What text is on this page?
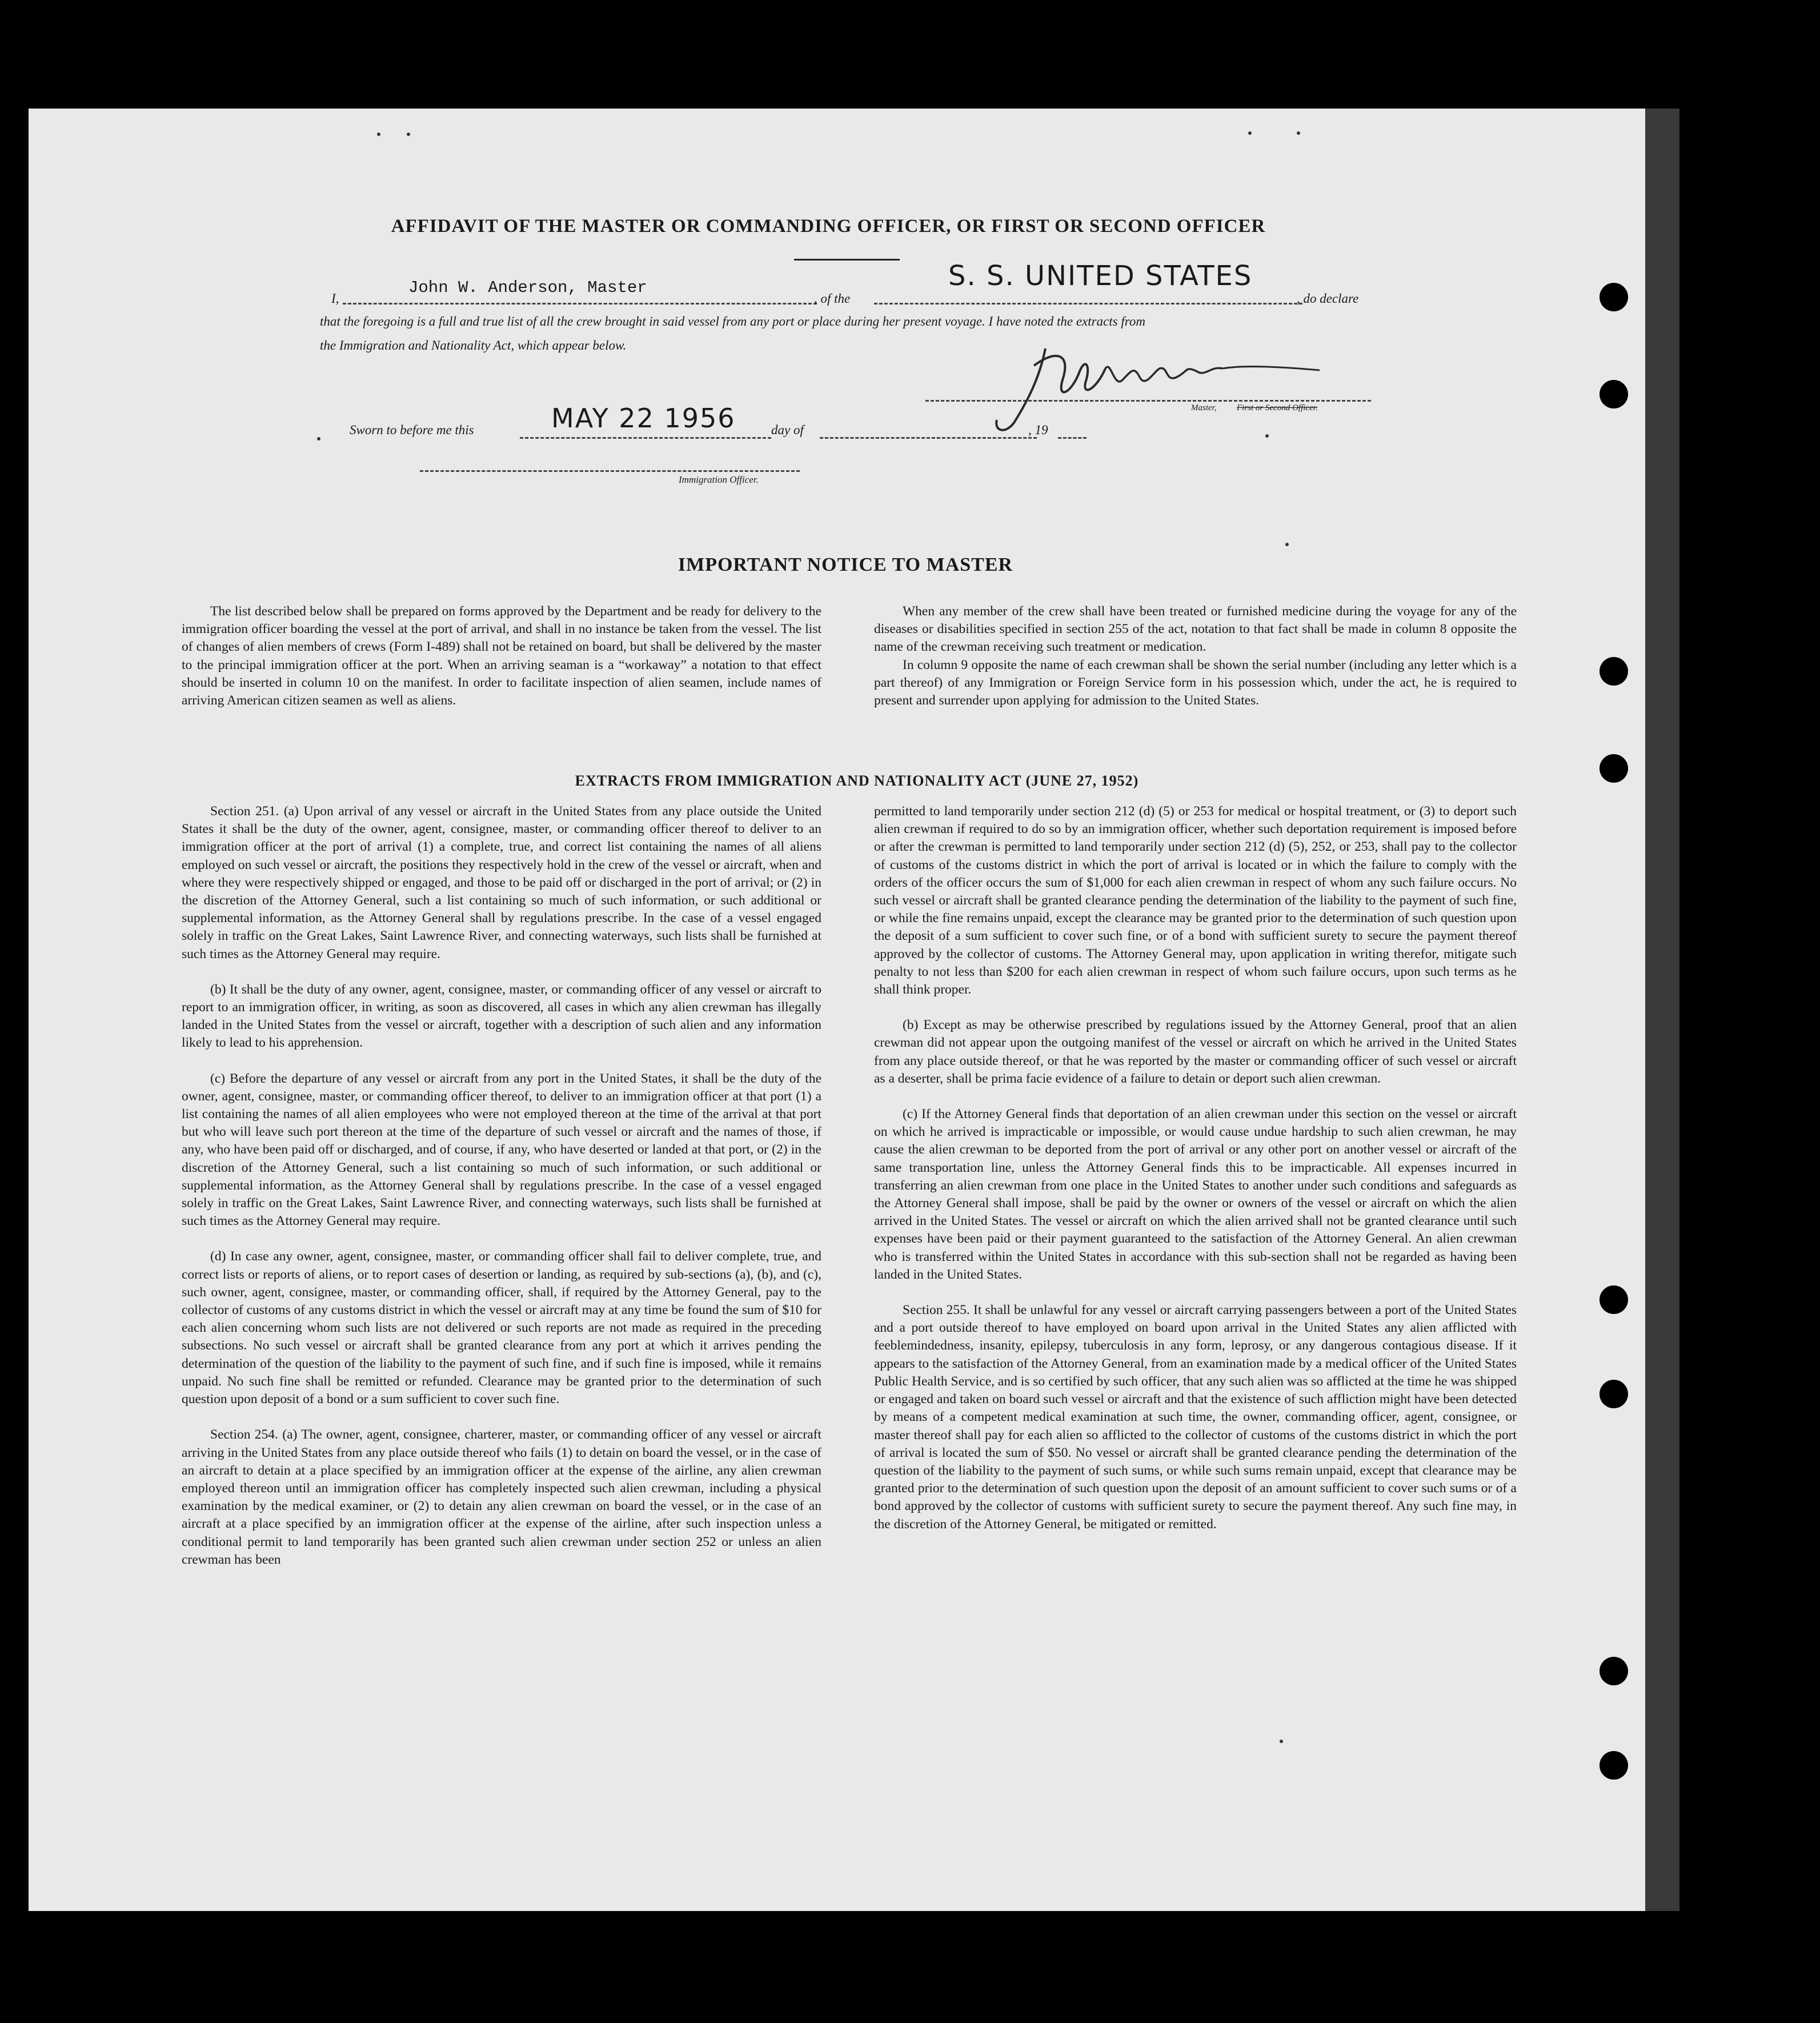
AFFIDAVIT OF THE MASTER OR COMMANDING OFFICER, OR FIRST OR SECOND OFFICER
I,
John W. Anderson, Master
, of the
S. S. UNITED STATES
, do declare
that the foregoing is a full and true list of all the crew brought in said vessel from any port or place during her present voyage. I have noted the extracts from
the Immigration and Nationality Act, which appear below.
Master, First or Second Officer.
Sworn to before me this	MAY 22 1956	day of	, 19
Immigration Officer.
IMPORTANT NOTICE TO MASTER

The list described below shall be prepared on forms approved by the Department and be ready for delivery to the immigration officer boarding the vessel at the port of arrival, and shall in no instance be taken from the vessel. The list of changes of alien members of crews (Form I-489) shall not be retained on board, but shall be delivered by the master to the principal immigration officer at the port. When an arriving seaman is a “workaway” a notation to that effect should be inserted in column 10 on the manifest. In order to facilitate inspection of alien seamen, include names of arriving American citizen seamen as well as aliens.

When any member of the crew shall have been treated or furnished medicine during the voyage for any of the diseases or disabilities specified in section 255 of the act, notation to that fact shall be made in column 8 opposite the name of the crewman receiving such treatment or medication.

In column 9 opposite the name of each crewman shall be shown the serial number (including any letter which is a part thereof) of any Immigration or Foreign Service form in his possession which, under the act, he is required to present and surrender upon applying for admission to the United States.

EXTRACTS FROM IMMIGRATION AND NATIONALITY ACT (JUNE 27, 1952)

Section 251. (a) Upon arrival of any vessel or aircraft in the United States from any place outside the United States it shall be the duty of the owner, agent, consignee, master, or commanding officer thereof to deliver to an immigration officer at the port of arrival (1) a complete, true, and correct list containing the names of all aliens employed on such vessel or aircraft, the positions they respectively hold in the crew of the vessel or aircraft, when and where they were respectively shipped or engaged, and those to be paid off or discharged in the port of arrival; or (2) in the discretion of the Attorney General, such a list containing so much of such information, or such additional or supplemental information, as the Attorney General shall by regulations prescribe. In the case of a vessel engaged solely in traffic on the Great Lakes, Saint Lawrence River, and connecting waterways, such lists shall be furnished at such times as the Attorney General may require.

(b) It shall be the duty of any owner, agent, consignee, master, or commanding officer of any vessel or aircraft to report to an immigration officer, in writing, as soon as discovered, all cases in which any alien crewman has illegally landed in the United States from the vessel or aircraft, together with a description of such alien and any information likely to lead to his apprehension.

(c) Before the departure of any vessel or aircraft from any port in the United States, it shall be the duty of the owner, agent, consignee, master, or commanding officer thereof, to deliver to an immigration officer at that port (1) a list containing the names of all alien employees who were not employed thereon at the time of the arrival at that port but who will leave such port thereon at the time of the departure of such vessel or aircraft and the names of those, if any, who have been paid off or discharged, and of course, if any, who have deserted or landed at that port, or (2) in the discretion of the Attorney General, such a list containing so much of such information, or such additional or supplemental information, as the Attorney General shall by regulations prescribe. In the case of a vessel engaged solely in traffic on the Great Lakes, Saint Lawrence River, and connecting waterways, such lists shall be furnished at such times as the Attorney General may require.

(d) In case any owner, agent, consignee, master, or commanding officer shall fail to deliver complete, true, and correct lists or reports of aliens, or to report cases of desertion or landing, as required by sub-sections (a), (b), and (c), such owner, agent, consignee, master, or commanding officer, shall, if required by the Attorney General, pay to the collector of customs of any customs district in which the vessel or aircraft may at any time be found the sum of $10 for each alien concerning whom such lists are not delivered or such reports are not made as required in the preceding subsections. No such vessel or aircraft shall be granted clearance from any port at which it arrives pending the determination of the question of the liability to the payment of such fine, and if such fine is imposed, while it remains unpaid. No such fine shall be remitted or refunded. Clearance may be granted prior to the determination of such question upon deposit of a bond or a sum sufficient to cover such fine.

Section 254. (a) The owner, agent, consignee, charterer, master, or commanding officer of any vessel or aircraft arriving in the United States from any place outside thereof who fails (1) to detain on board the vessel, or in the case of an aircraft to detain at a place specified by an immigration officer at the expense of the airline, any alien crewman employed thereon until an immigration officer has completely inspected such alien crewman, including a physical examination by the medical examiner, or (2) to detain any alien crewman on board the vessel, or in the case of an aircraft at a place specified by an immigration officer at the expense of the airline, after such inspection unless a conditional permit to land temporarily has been granted such alien crewman under section 252 or unless an alien crewman has been

permitted to land temporarily under section 212 (d) (5) or 253 for medical or hospital treatment, or (3) to deport such alien crewman if required to do so by an immigration officer, whether such deportation requirement is imposed before or after the crewman is permitted to land temporarily under section 212 (d) (5), 252, or 253, shall pay to the collector of customs of the customs district in which the port of arrival is located or in which the failure to comply with the orders of the officer occurs the sum of $1,000 for each alien crewman in respect of whom any such failure occurs. No such vessel or aircraft shall be granted clearance pending the determination of the liability to the payment of such fine, or while the fine remains unpaid, except the clearance may be granted prior to the determination of such question upon the deposit of a sum sufficient to cover such fine, or of a bond with sufficient surety to secure the payment thereof approved by the collector of customs. The Attorney General may, upon application in writing therefor, mitigate such penalty to not less than $200 for each alien crewman in respect of whom such failure occurs, upon such terms as he shall think proper.

(b) Except as may be otherwise prescribed by regulations issued by the Attorney General, proof that an alien crewman did not appear upon the outgoing manifest of the vessel or aircraft on which he arrived in the United States from any place outside thereof, or that he was reported by the master or commanding officer of such vessel or aircraft as a deserter, shall be prima facie evidence of a failure to detain or deport such alien crewman.

(c) If the Attorney General finds that deportation of an alien crewman under this section on the vessel or aircraft on which he arrived is impracticable or impossible, or would cause undue hardship to such alien crewman, he may cause the alien crewman to be deported from the port of arrival or any other port on another vessel or aircraft of the same transportation line, unless the Attorney General finds this to be impracticable. All expenses incurred in transferring an alien crewman from one place in the United States to another under such conditions and safeguards as the Attorney General shall impose, shall be paid by the owner or owners of the vessel or aircraft on which the alien arrived in the United States. The vessel or aircraft on which the alien arrived shall not be granted clearance until such expenses have been paid or their payment guaranteed to the satisfaction of the Attorney General. An alien crewman who is transferred within the United States in accordance with this sub-section shall not be regarded as having been landed in the United States.

Section 255. It shall be unlawful for any vessel or aircraft carrying passengers between a port of the United States and a port outside thereof to have employed on board upon arrival in the United States any alien afflicted with feeblemindedness, insanity, epilepsy, tuberculosis in any form, leprosy, or any dangerous contagious disease. If it appears to the satisfaction of the Attorney General, from an examination made by a medical officer of the United States Public Health Service, and is so certified by such officer, that any such alien was so afflicted at the time he was shipped or engaged and taken on board such vessel or aircraft and that the existence of such affliction might have been detected by means of a competent medical examination at such time, the owner, commanding officer, agent, consignee, or master thereof shall pay for each alien so afflicted to the collector of customs of the customs district in which the port of arrival is located the sum of $50. No vessel or aircraft shall be granted clearance pending the determination of the question of the liability to the payment of such sums, or while such sums remain unpaid, except that clearance may be granted prior to the determination of such question upon the deposit of an amount sufficient to cover such sums or of a bond approved by the collector of customs with sufficient surety to secure the payment thereof. Any such fine may, in the discretion of the Attorney General, be mitigated or remitted.
